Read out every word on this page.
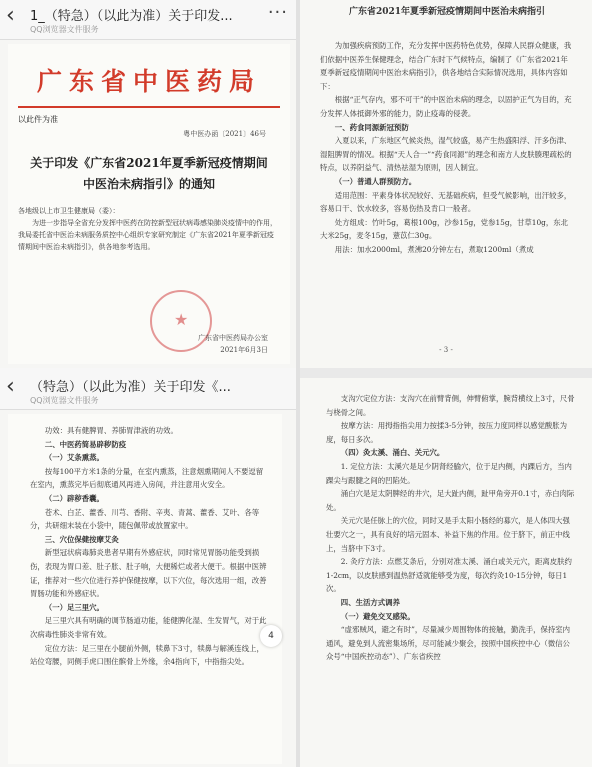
‹ 1_（特急）（以此为准）关于印发...
QQ浏览器文件服务
···
广东省中医药局
以此件为准
粤中医办函〔2021〕46号
关于印发《广东省2021年夏季新冠疫情期间
中医治未病指引》的通知
各地级以上市卫生健康局（委）：
为进一步指导全省充分发挥中医药在防控新型冠状病毒感染肺炎疫情中的作用，我局委托省中医治未病服务质控中心组织专家研究制定《广东省2021年夏季新冠疫情期间中医治未病指引》，供各地参考选用。
★
广东省中医药局办公室
2021年6月3日
广东省2021年夏季新冠疫情期间中医治未病指引

为加强疾病预防工作，充分发挥中医药特色优势，保障人民群众健康，我们依据中医养生保健理念，结合广东时下气候特点，编制了《广东省2021年夏季新冠疫情期间中医治未病指引》，供各地结合实际情况选用，具体内容如下：

根据“正气存内，邪不可干”的中医治未病的理念，以固护正气为目的，充分发挥人体抵御外邪的能力，防止疫毒的侵袭。

一、药食同源新冠预防

入夏以来，广东地区气候炎热，湿气较盛，易产生热盛阳浮、汗多伤津、湿阻脾胃的情况。根据“天人合一”“药食同源”的理念和南方人皮肤腠理疏松的特点，以养阴益气、清热祛湿为原则，因人制宜。

（一）普通人群预防方。

适用范围：平素身体状况较好、无基础疾病，但受气候影响，出汗较多，容易口干、饮水较多，容易伤热及肯口一般者。

处方组成：竹叶5g，葛根100g，沙参15g，党参15g，甘草10g，东北大米25g，麦冬15g，薏苡仁30g。

用法：加水2000ml，煮沸20分钟左右，煮取1200ml（煮成

- 3 -
‹ （特急）（以此为准）关于印发《...
QQ浏览器文件服务

功效：具有健脾胃、养肺胃津液的功效。

二、中医药简易辟秽防疫

（一）艾条熏蒸。

按每100平方米1条的分量，在室内熏蒸，注意烟熏期间人不要逗留在室内，熏蒸完毕后彻底通风再进入房间，并注意用火安全。

（二）辟秽香囊。

苍术、白芷、藿香、川芎、香附、辛夷、青蒿、藿香、艾叶、各等分，共研细末装在小袋中，随包佩带或放置家中。

三、穴位保健按摩艾灸

新型冠状病毒肺炎患者早期有外感症状，同时常见胃肠功能受到损伤，表现为胃口差、肚子胀、肚子响，大便稀烂或者大便干。根据中医辨证，推荐对一些穴位进行养护保健按摩，以下穴位，每次选用一组，改善胃肠功能和外感症状。

（一）足三里穴。

足三里穴具有明确的调节肠道功能，能健脾化湿、生发胃气，对于此次病毒性肺炎非常有效。

定位方法：足三里在小腿前外侧，犊鼻下3寸，犊鼻与解溪连线上，站位弯腰，同侧手虎口围住髌骨上外缘，余4指向下，中指指尖处。

4

支沟穴定位方法：支沟穴在前臂背侧，伸臂俯掌，腕背横纹上3寸，尺骨与桡骨之间。

按摩方法：用拇指指尖用力按揉3-5分钟，按压力度同样以感觉酸胀为度，每日多次。

（四）灸太溪、涌白、关元穴。

1. 定位方法：太溪穴是足少阴肾经腧穴，位于足内侧，内踝后方，当内踝尖与跟腱之间的凹陷处。

涌白穴是足太阴脾经的井穴，足大趾内侧，趾甲角旁开0.1寸，赤白肉际处。

关元穴是任脉上的穴位，同时又是手太阳小肠经的募穴，是人体四大强壮要穴之一，具有良好的培元固本、补益下焦的作用。位于脐下，前正中线上，当脐中下3寸。

2. 灸疗方法：点燃艾条后，分别对准太溪、涌白或关元穴，距离皮肤约1-2cm，以皮肤感到温热舒适就能够受为度，每次约灸10-15分钟，每日1次。

四、生活方式调养

（一）避免交叉感染。

“虚邪贼风，避之有时”，尽量减少周围物体的接触，勤洗手，保持室内通风，避免到人流密集场所，尽可能减少聚会，按照中国疾控中心（微信公众号“中国疾控动态”）、广东省疾控
